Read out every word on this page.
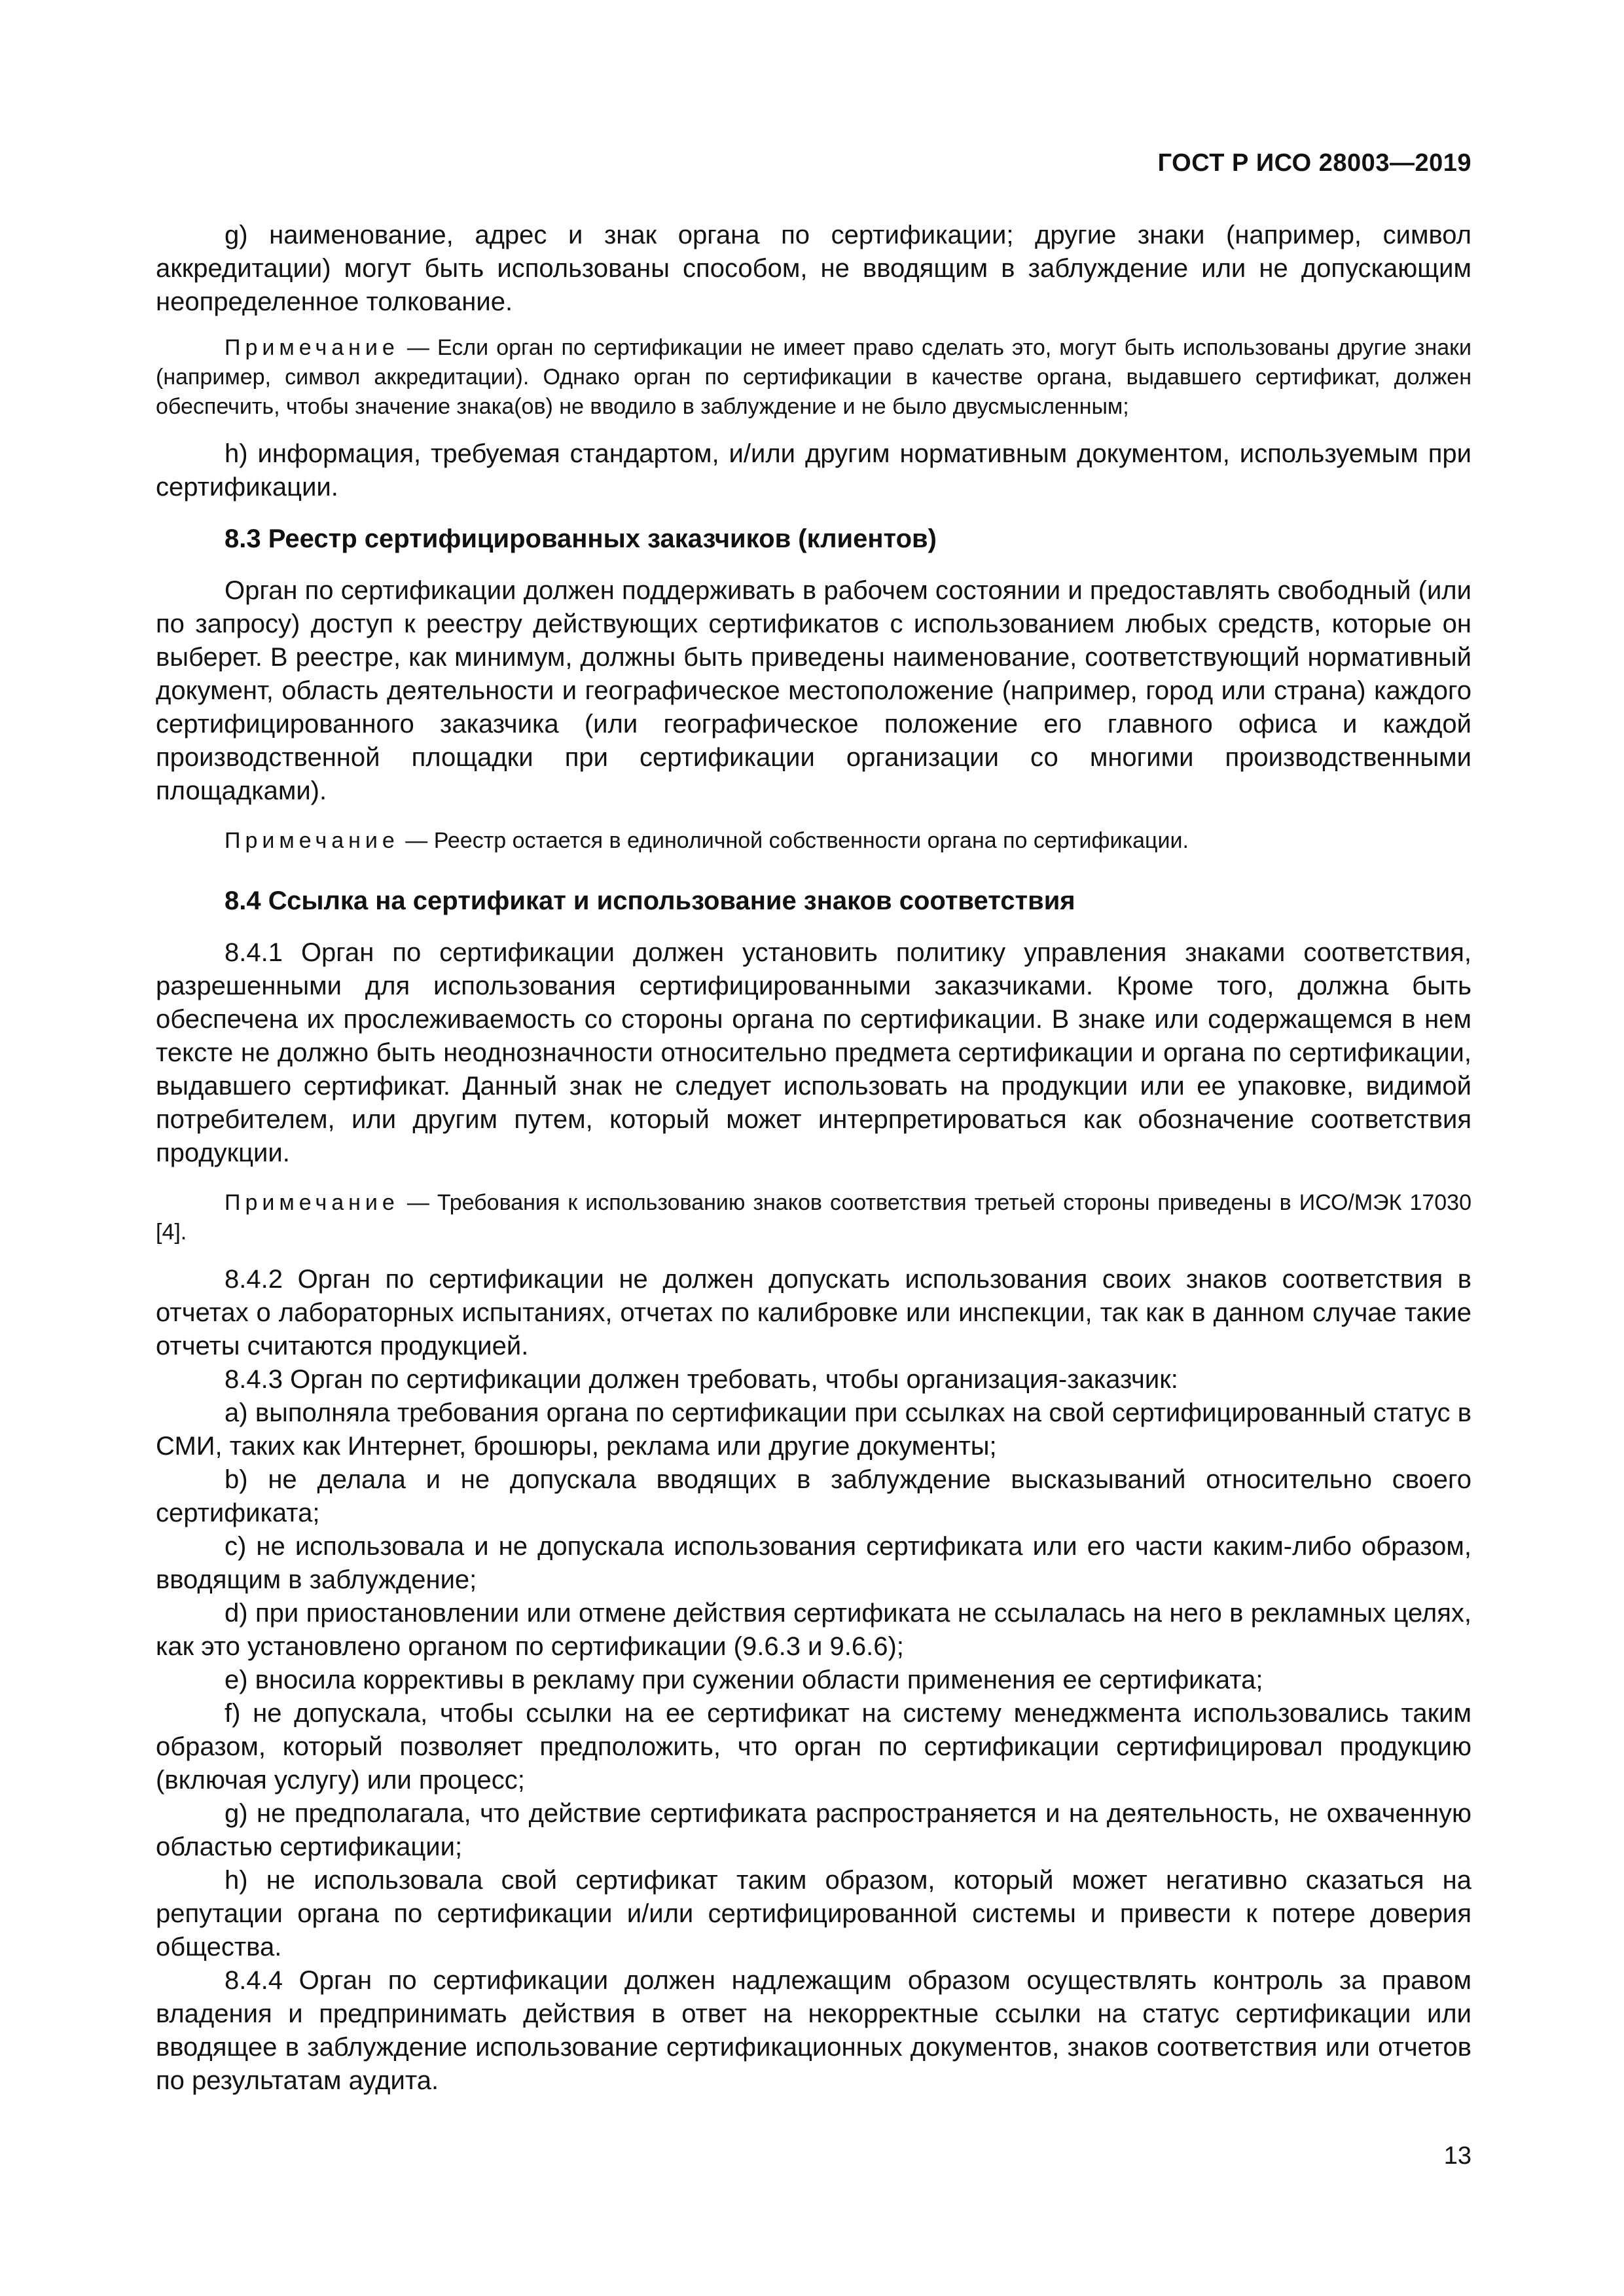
ГОСТ Р ИСО 28003—2019

g) наименование, адрес и знак органа по сертификации; другие знаки (например, символ аккредитации) могут быть использованы способом, не вводящим в заблуждение или не допускающим неопределенное толкование.

Примечание — Если орган по сертификации не имеет право сделать это, могут быть использованы другие знаки (например, символ аккредитации). Однако орган по сертификации в качестве органа, выдавшего сертификат, должен обеспечить, чтобы значение знака(ов) не вводило в заблуждение и не было двусмысленным;

h) информация, требуемая стандартом, и/или другим нормативным документом, используемым при сертификации.

8.3 Реестр сертифицированных заказчиков (клиентов)

Орган по сертификации должен поддерживать в рабочем состоянии и предоставлять свободный (или по запросу) доступ к реестру действующих сертификатов с использованием любых средств, которые он выберет. В реестре, как минимум, должны быть приведены наименование, соответствующий нормативный документ, область деятельности и географическое местоположение (например, город или страна) каждого сертифицированного заказчика (или географическое положение его главного офиса и каждой производственной площадки при сертификации организации со многими производственными площадками).

Примечание — Реестр остается в единоличной собственности органа по сертификации.

8.4 Ссылка на сертификат и использование знаков соответствия

8.4.1 Орган по сертификации должен установить политику управления знаками соответствия, разрешенными для использования сертифицированными заказчиками. Кроме того, должна быть обеспечена их прослеживаемость со стороны органа по сертификации. В знаке или содержащемся в нем тексте не должно быть неоднозначности относительно предмета сертификации и органа по сертификации, выдавшего сертификат. Данный знак не следует использовать на продукции или ее упаковке, видимой потребителем, или другим путем, который может интерпретироваться как обозначение соответствия продукции.

Примечание — Требования к использованию знаков соответствия третьей стороны приведены в ИСО/МЭК 17030 [4].

8.4.2 Орган по сертификации не должен допускать использования своих знаков соответствия в отчетах о лабораторных испытаниях, отчетах по калибровке или инспекции, так как в данном случае такие отчеты считаются продукцией.

8.4.3 Орган по сертификации должен требовать, чтобы организация-заказчик:

a) выполняла требования органа по сертификации при ссылках на свой сертифицированный статус в СМИ, таких как Интернет, брошюры, реклама или другие документы;

b) не делала и не допускала вводящих в заблуждение высказываний относительно своего сертификата;

c) не использовала и не допускала использования сертификата или его части каким-либо образом, вводящим в заблуждение;

d) при приостановлении или отмене действия сертификата не ссылалась на него в рекламных целях, как это установлено органом по сертификации (9.6.3 и 9.6.6);

e) вносила коррективы в рекламу при сужении области применения ее сертификата;

f) не допускала, чтобы ссылки на ее сертификат на систему менеджмента использовались таким образом, который позволяет предположить, что орган по сертификации сертифицировал продукцию (включая услугу) или процесс;

g) не предполагала, что действие сертификата распространяется и на деятельность, не охваченную областью сертификации;

h) не использовала свой сертификат таким образом, который может негативно сказаться на репутации органа по сертификации и/или сертифицированной системы и привести к потере доверия общества.

8.4.4 Орган по сертификации должен надлежащим образом осуществлять контроль за правом владения и предпринимать действия в ответ на некорректные ссылки на статус сертификации или вводящее в заблуждение использование сертификационных документов, знаков соответствия или отчетов по результатам аудита.

13
